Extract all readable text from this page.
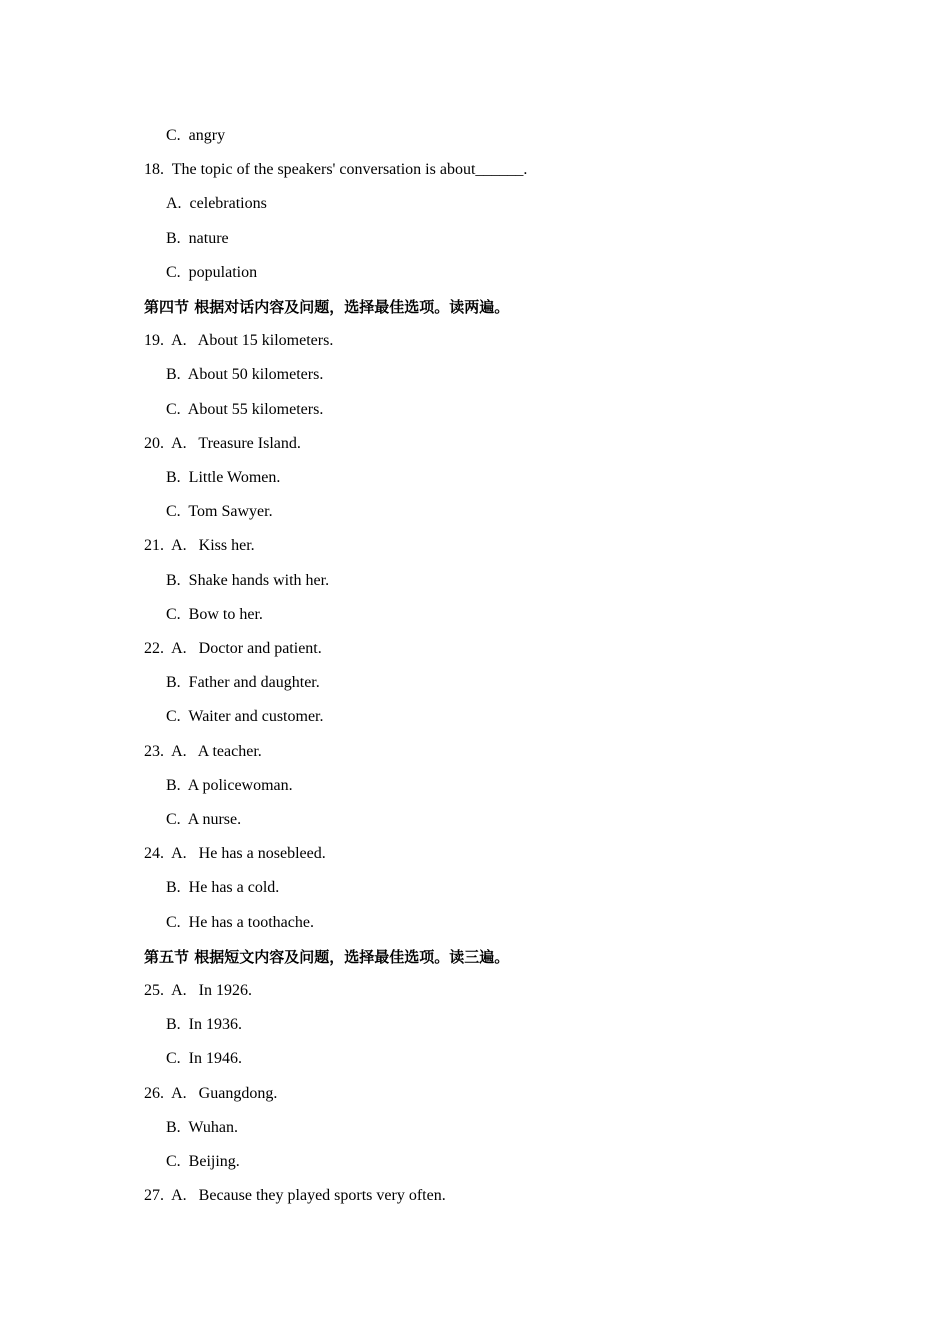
C.  angry
18.  The topic of the speakers' conversation is about______.
A.  celebrations
B.  nature
C.  population
第四节 根据对话内容及问题，选择最佳选项。读两遍。
19.  A.   About 15 kilometers.
B.  About 50 kilometers.
C.  About 55 kilometers.
20.  A.   Treasure Island.
B.  Little Women.
C.  Tom Sawyer.
21.  A.   Kiss her.
B.  Shake hands with her.
C.  Bow to her.
22.  A.   Doctor and patient.
B.  Father and daughter.
C.  Waiter and customer.
23.  A.   A teacher.
B.  A policewoman.
C.  A nurse.
24.  A.   He has a nosebleed.
B.  He has a cold.
C.  He has a toothache.
第五节 根据短文内容及问题，选择最佳选项。读三遍。
25.  A.   In 1926.
B.  In 1936.
C.  In 1946.
26.  A.   Guangdong.
B.  Wuhan.
C.  Beijing.
27.  A.   Because they played sports very often.
